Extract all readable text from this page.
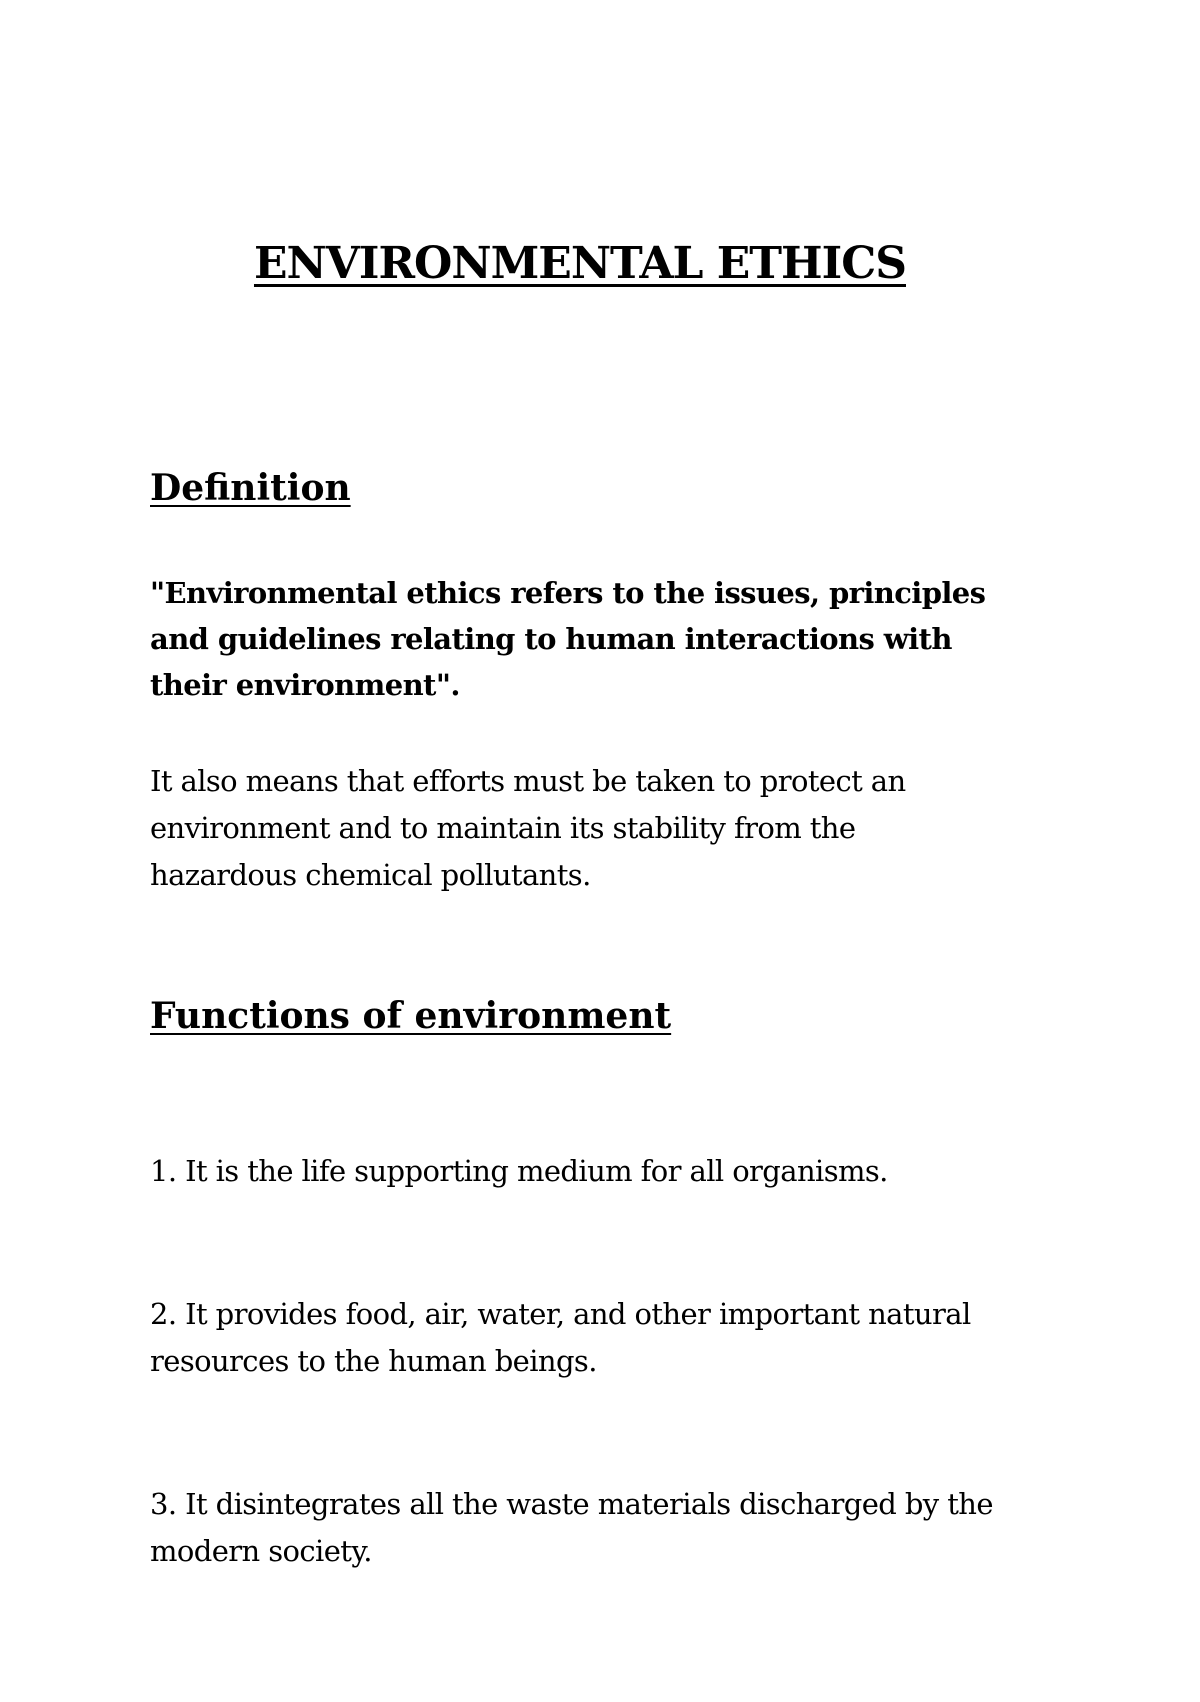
ENVIRONMENTAL ETHICS
Definition
"Environmental ethics refers to the issues, principles and guidelines relating to human interactions with their environment".
It also means that efforts must be taken to protect an environment and to maintain its stability from the hazardous chemical pollutants.
Functions of environment
1. It is the life supporting medium for all organisms.
2. It provides food, air, water, and other important natural resources to the human beings.
3. It disintegrates all the waste materials discharged by the modern society.
